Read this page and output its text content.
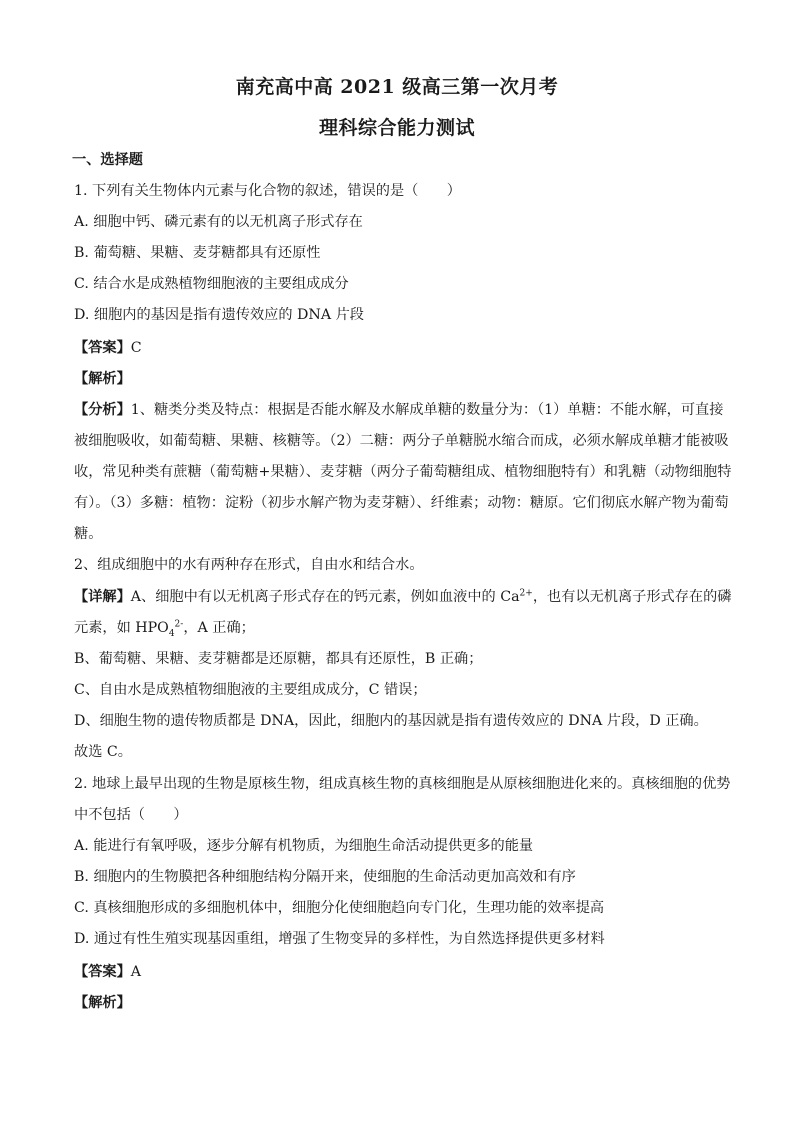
南充高中高 2021 级高三第一次月考
理科综合能力测试
一、选择题
1. 下列有关生物体内元素与化合物的叙述，错误的是（　　）
A. 细胞中钙、磷元素有的以无机离子形式存在
B. 葡萄糖、果糖、麦芽糖都具有还原性
C. 结合水是成熟植物细胞液的主要组成成分
D. 细胞内的基因是指有遗传效应的 DNA 片段
【答案】C
【解析】
【分析】1、糖类分类及特点：根据是否能水解及水解成单糖的数量分为：（1）单糖：不能水解，可直接
被细胞吸收，如葡萄糖、果糖、核糖等。（2）二糖：两分子单糖脱水缩合而成，必须水解成单糖才能被吸
收，常见种类有蔗糖（葡萄糖+果糖）、麦芽糖（两分子葡萄糖组成、植物细胞特有）和乳糖（动物细胞特
有）。（3）多糖：植物：淀粉（初步水解产物为麦芽糖）、纤维素；动物：糖原。它们彻底水解产物为葡萄
糖。
2、组成细胞中的水有两种存在形式，自由水和结合水。
【详解】A、细胞中有以无机离子形式存在的钙元素，例如血液中的 $Ca^{2+}$，也有以无机离子形式存在的磷
元素，如 $HPO_4^{2-}$，A 正确；
B、葡萄糖、果糖、麦芽糖都是还原糖，都具有还原性，B 正确；
C、自由水是成熟植物细胞液的主要组成成分，C 错误；
D、细胞生物的遗传物质都是 DNA，因此，细胞内的基因就是指有遗传效应的 DNA 片段，D 正确。
故选 C。
2. 地球上最早出现的生物是原核生物，组成真核生物的真核细胞是从原核细胞进化来的。真核细胞的优势
中不包括（　　）
A. 能进行有氧呼吸，逐步分解有机物质，为细胞生命活动提供更多的能量
B. 细胞内的生物膜把各种细胞结构分隔开来，使细胞的生命活动更加高效和有序
C. 真核细胞形成的多细胞机体中，细胞分化使细胞趋向专门化，生理功能的效率提高
D. 通过有性生殖实现基因重组，增强了生物变异的多样性，为自然选择提供更多材料
【答案】A
【解析】
